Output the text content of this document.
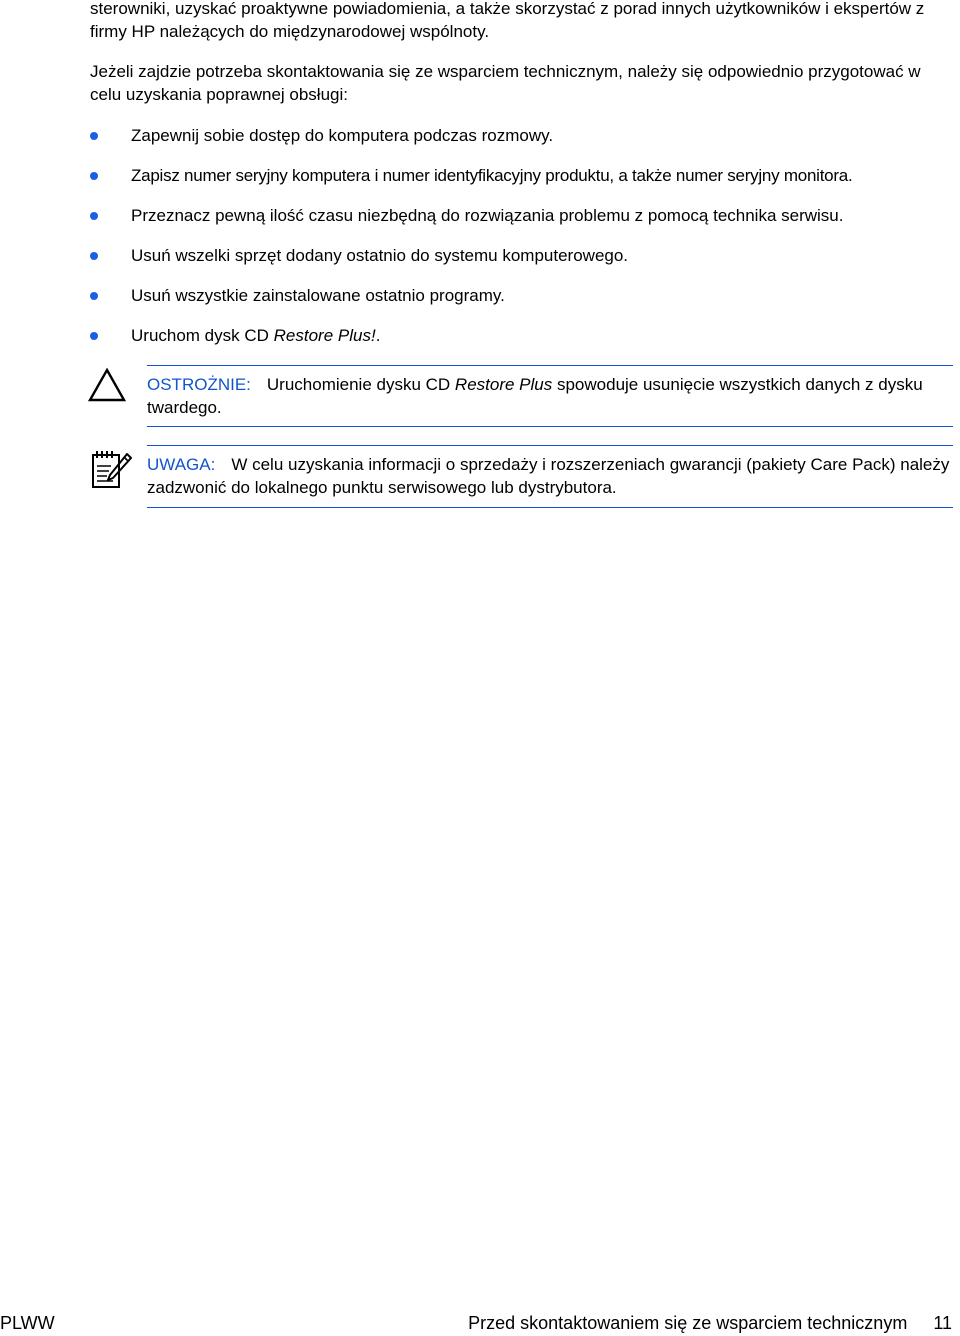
sterowniki, uzyskać proaktywne powiadomienia, a także skorzystać z porad innych użytkowników i ekspertów z firmy HP należących do międzynarodowej wspólnoty.

Jeżeli zajdzie potrzeba skontaktowania się ze wsparciem technicznym, należy się odpowiednio przygotować w celu uzyskania poprawnej obsługi:

Zapewnij sobie dostęp do komputera podczas rozmowy.
Zapisz numer seryjny komputera i numer identyfikacyjny produktu, a także numer seryjny monitora.
Przeznacz pewną ilość czasu niezbędną do rozwiązania problemu z pomocą technika serwisu.
Usuń wszelki sprzęt dodany ostatnio do systemu komputerowego.
Usuń wszystkie zainstalowane ostatnio programy.
Uruchom dysk CD Restore Plus!.

OSTROŻNIE: Uruchomienie dysku CD Restore Plus spowoduje usunięcie wszystkich danych z dysku twardego.

UWAGA: W celu uzyskania informacji o sprzedaży i rozszerzeniach gwarancji (pakiety Care Pack) należy zadzwonić do lokalnego punktu serwisowego lub dystrybutora.

PLWW	Przed skontaktowaniem się ze wsparciem technicznym 11
